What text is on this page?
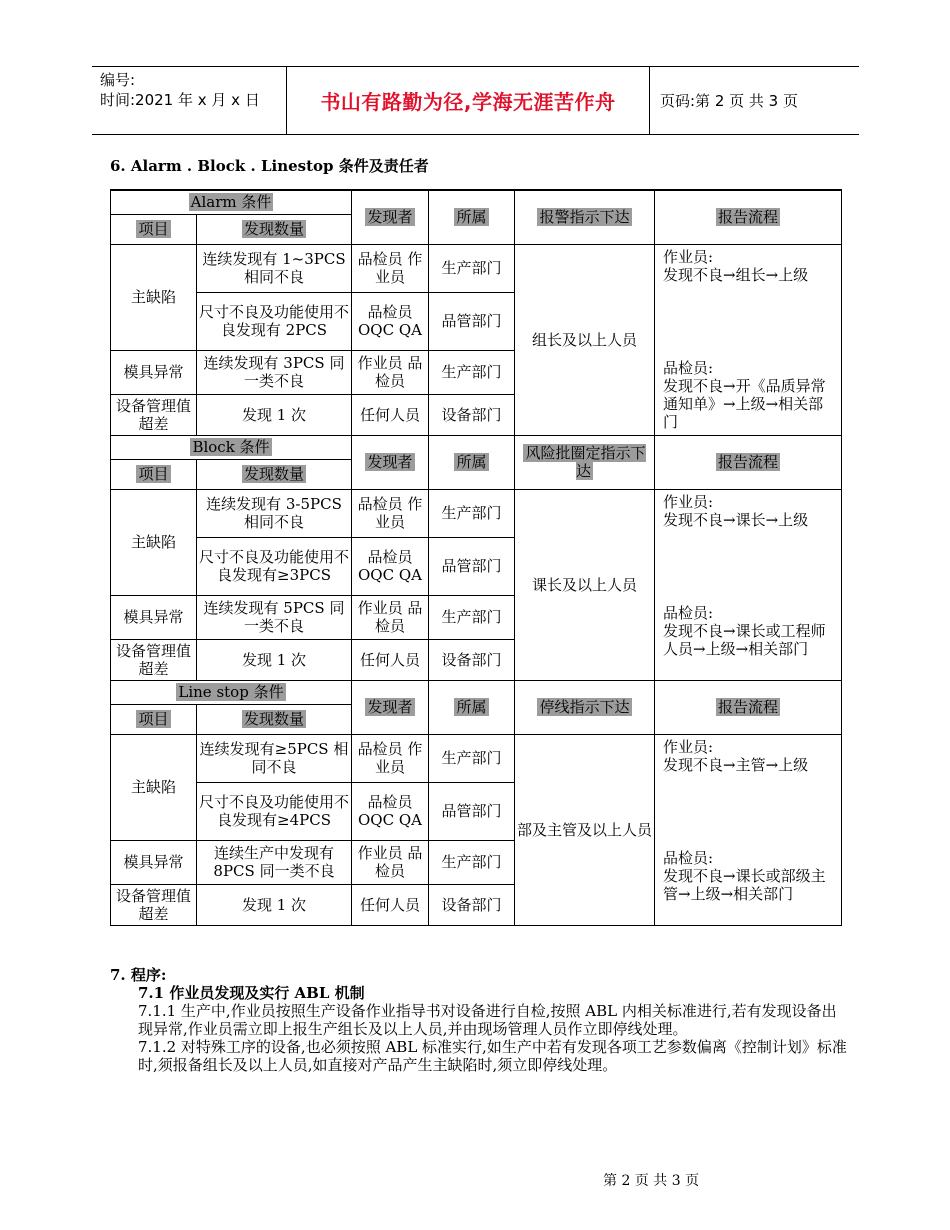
编号:
时间:2021 年 x 月 x 日	书山有路勤为径,学海无涯苦作舟	页码:第 2 页 共 3 页
6. Alarm . Block . Linestop 条件及责任者
Alarm 条件		发现者	所属	报警指示下达	报告流程
项目	发现数量				
主缺陷	连续发现有 1~3PCS 相同不良	品检员 作业员	生产部门	组长及以上人员	作业员:
发现不良→组长→上级
品检员:
发现不良→开《品质异常通知单》→上级→相关部门

	尺寸不良及功能使用不良发现有 2PCS	品检员 OQC QA	品管部门		
模具异常	连续发现有 3PCS 同一类不良	作业员 品检员	生产部门		
设备管理值超差	发现 1 次	任何人员	设备部门		
Block 条件		发现者	所属	风险批圈定指示下达	报告流程
项目	发现数量				
主缺陷	连续发现有 3-5PCS 相同不良	品检员 作业员	生产部门	课长及以上人员	作业员:
发现不良→课长→上级
品检员:
发现不良→课长或工程师人员→上级→相关部门

	尺寸不良及功能使用不良发现有≥3PCS	品检员 OQC QA	品管部门		
模具异常	连续发现有 5PCS 同一类不良	作业员 品检员	生产部门		
设备管理值超差	发现 1 次	任何人员	设备部门		
Line stop 条件		发现者	所属	停线指示下达	报告流程
项目	发现数量				
主缺陷	连续发现有≥5PCS 相同不良	品检员 作业员	生产部门	部及主管及以上人员	作业员:
发现不良→主管→上级
品检员:
发现不良→课长或部级主管→上级→相关部门

	尺寸不良及功能使用不良发现有≥4PCS	品检员 OQC QA	品管部门		
模具异常	连续生产中发现有 8PCS 同一类不良	作业员 品检员	生产部门		
设备管理值超差	发现 1 次	任何人员	设备部门		

7. 程序:

7.1 作业员发现及实行 ABL 机制

7.1.1 生产中,作业员按照生产设备作业指导书对设备进行自检,按照 ABL 内相关标准进行,若有发现设备出现异常,作业员需立即上报生产组长及以上人员,并由现场管理人员作立即停线处理。

7.1.2 对特殊工序的设备,也必须按照 ABL 标准实行,如生产中若有发现各项工艺参数偏离《控制计划》标准时,须报备组长及以上人员,如直接对产品产生主缺陷时,须立即停线处理。

第 2 页 共 3 页
